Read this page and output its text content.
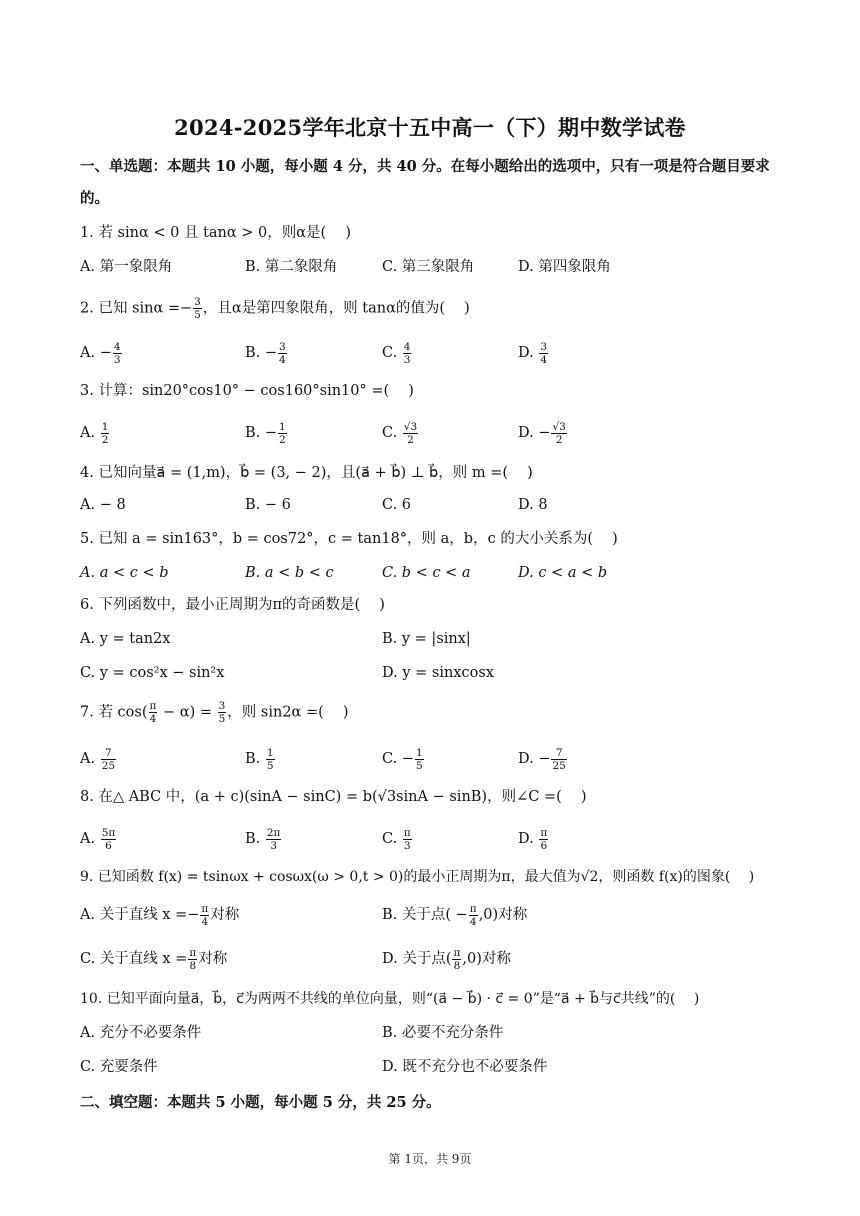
2024-2025学年北京十五中高一（下）期中数学试卷
一、单选题：本题共 10 小题，每小题 4 分，共 40 分。在每小题给出的选项中，只有一项是符合题目要求
的。
1. 若 sinα < 0 且 tanα > 0，则α是(　 )
A. 第一象限角	B. 第二象限角	C. 第三象限角	D. 第四象限角
2. 已知 $\sin\alpha =- \frac{3}{5}$ ，且α是第四象限角，则 tanα的值为(　 )
A. − $\frac{4}{3}$	B. − $\frac{3}{4}$	C. $\frac{4}{3}$	D. $\frac{3}{4}$
3. 计算：sin20°cos10° − cos160°sin10° =(　 )
A. $\frac{1}{2}$	B. − $\frac{1}{2}$	C. $\frac{√3}{2}$	D. − $\frac{√3}{2}$
4. 已知向量a⃗ = (1,m)，b⃗ = (3, − 2)，且(a⃗ + b⃗) ⊥ b⃗，则 m =(　 )
A. − 8	B. − 6	C. 6	D. 8
5. 已知 a = sin163°，b = cos72°，c = tan18°，则 a，b，c 的大小关系为(　 )
A. a < c < b	B. a < b < c	C. b < c < a	D. c < a < b
6. 下列函数中，最小正周期为π的奇函数是(　 )
A. y = tan2x	B. y = |sinx|
C. y = cos²x − sin²x	D. y = sinxcosx
7. 若 $\cos( \frac{\pi}{4} - \alpha) = \frac{3}{5}$ ，则 sin2α =(　 )
A. $\frac{7}{25}$	B. $\frac{1}{5}$	C. − $\frac{1}{5}$	D. − $\frac{7}{25}$
8. 在△ ABC 中，(a + c)(sinA − sinC) = b(√3sinA − sinB)，则∠C =(　 )
A. $\frac{5\pi}{6}$	B. $\frac{2\pi}{3}$	C. $\frac{\pi}{3}$	D. $\frac{\pi}{6}$
9. 已知函数 f(x) = tsinωx + cosωx(ω > 0,t > 0)的最小正周期为π，最大值为√2，则函数 f(x)的图象(　 )
A. 关于直线 $x =- \frac{\pi}{4}$ 对称	B. 关于点( − $\frac{\pi}{4} ,0$)对称
C. 关于直线 $x = \frac{\pi}{8}$ 对称	D. 关于点( $\frac{\pi}{8} ,0$)对称
10. 已知平面向量a⃗，b⃗，c⃗为两两不共线的单位向量，则“(a⃗ − b⃗) · c⃗ = 0”是“a⃗ + b⃗与c⃗共线”的(　 )
A. 充分不必要条件	B. 必要不充分条件
C. 充要条件	D. 既不充分也不必要条件
二、填空题：本题共 5 小题，每小题 5 分，共 25 分。
第 1页，共 9页
